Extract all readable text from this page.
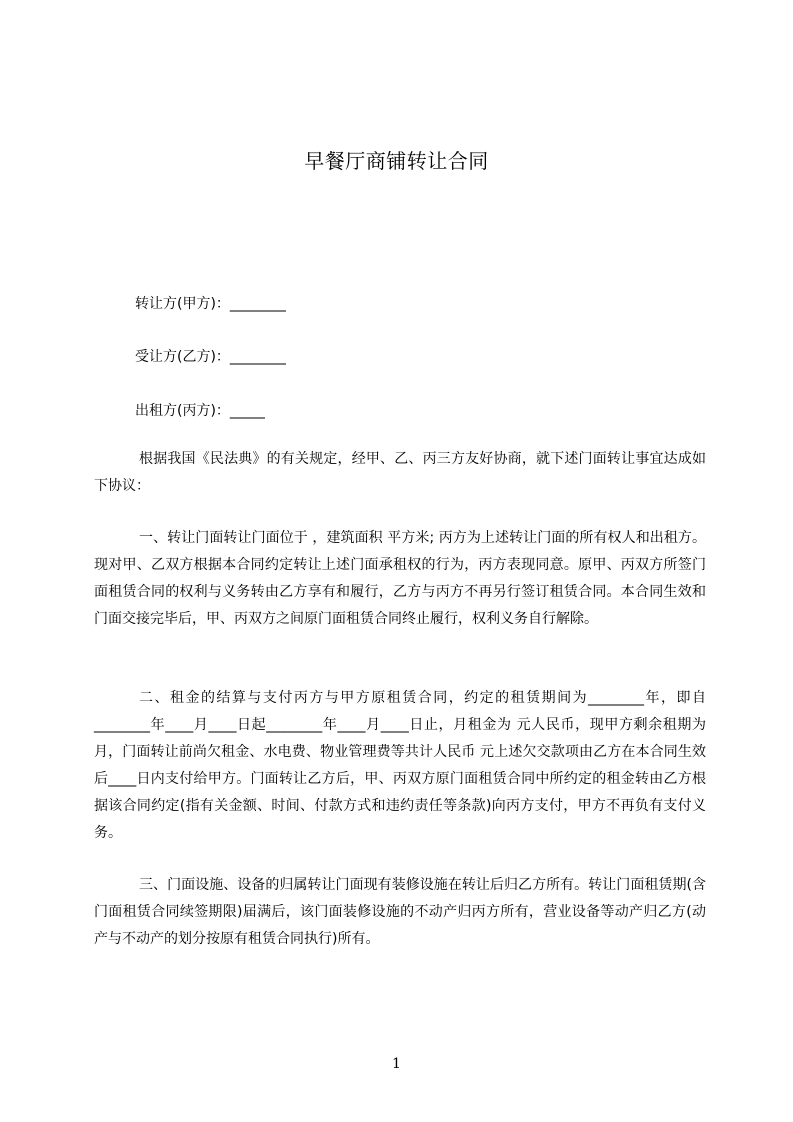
早餐厅商铺转让合同
转让方(甲方)：________
受让方(乙方)：________
出租方(丙方)：_____

根据我国《民法典》的有关规定，经甲、乙、丙三方友好协商，就下述门面转让事宜达成如下协议：

一、转让门面转让门面位于 ，建筑面积 平方米; 丙方为上述转让门面的所有权人和出租方。现对甲、乙双方根据本合同约定转让上述门面承租权的行为，丙方表现同意。原甲、丙双方所签门面租赁合同的权利与义务转由乙方享有和履行，乙方与丙方不再另行签订租赁合同。本合同生效和门面交接完毕后，甲、丙双方之间原门面租赁合同终止履行，权利义务自行解除。

二、租金的结算与支付丙方与甲方原租赁合同，约定的租赁期间为________年，即自________年____月____日起________年____月____日止，月租金为 元人民币，现甲方剩余租期为月，门面转让前尚欠租金、水电费、物业管理费等共计人民币 元上述欠交款项由乙方在本合同生效后____日内支付给甲方。门面转让乙方后，甲、丙双方原门面租赁合同中所约定的租金转由乙方根据该合同约定(指有关金额、时间、付款方式和违约责任等条款)向丙方支付，甲方不再负有支付义务。

三、门面设施、设备的归属转让门面现有装修设施在转让后归乙方所有。转让门面租赁期(含门面租赁合同续签期限)届满后，该门面装修设施的不动产归丙方所有，营业设备等动产归乙方(动产与不动产的划分按原有租赁合同执行)所有。

1
